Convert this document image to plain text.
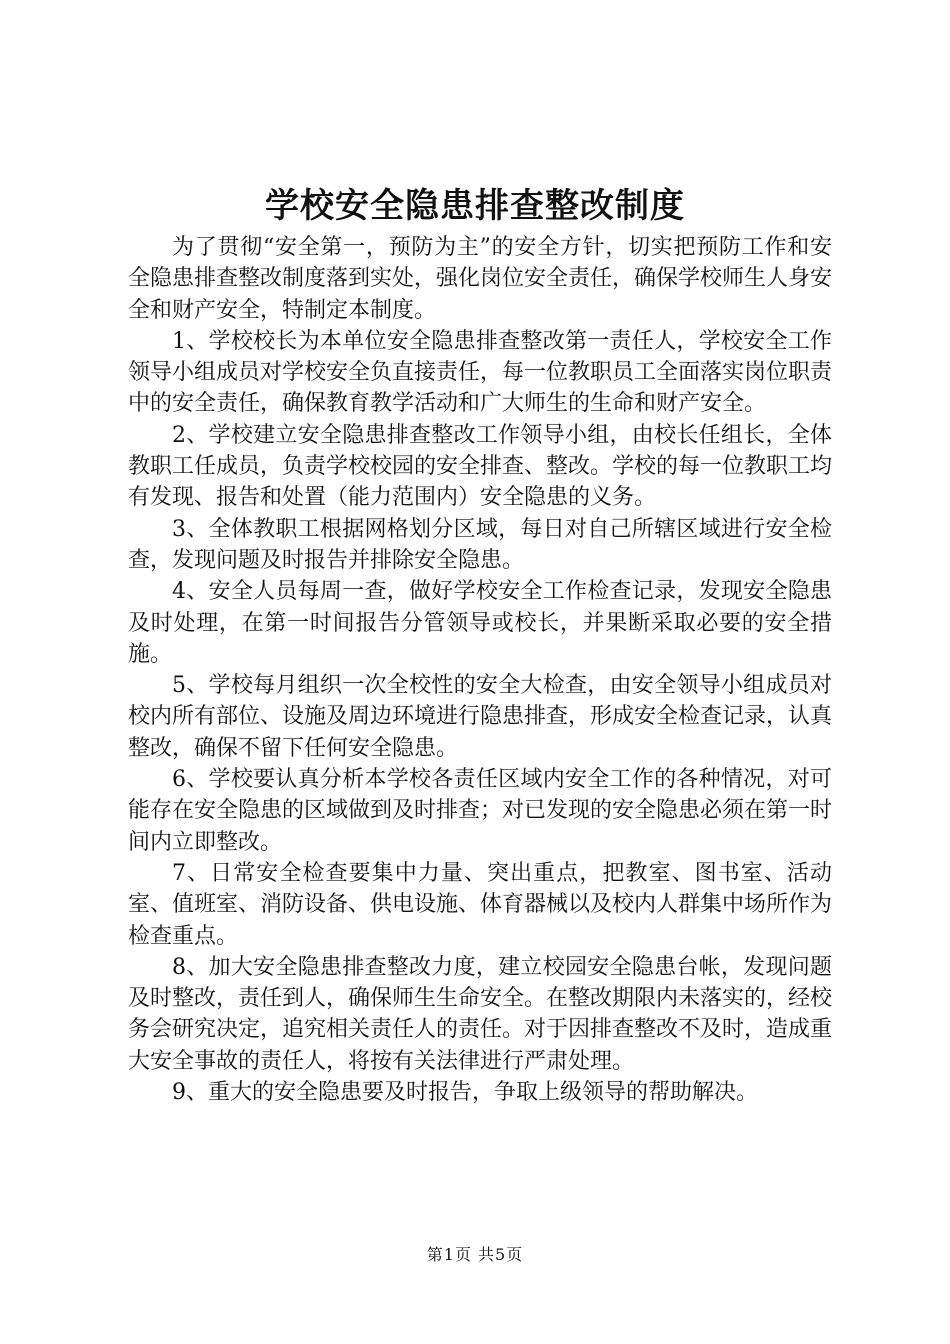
学校安全隐患排查整改制度

为了贯彻“安全第一，预防为主”的安全方针，切实把预防工作和安全隐患排查整改制度落到实处，强化岗位安全责任，确保学校师生人身安全和财产安全，特制定本制度。

1、学校校长为本单位安全隐患排查整改第一责任人，学校安全工作领导小组成员对学校安全负直接责任，每一位教职员工全面落实岗位职责中的安全责任，确保教育教学活动和广大师生的生命和财产安全。

2、学校建立安全隐患排查整改工作领导小组，由校长任组长，全体教职工任成员，负责学校校园的安全排查、整改。学校的每一位教职工均有发现、报告和处置（能力范围内）安全隐患的义务。

3、全体教职工根据网格划分区域，每日对自己所辖区域进行安全检查，发现问题及时报告并排除安全隐患。

4、安全人员每周一查，做好学校安全工作检查记录，发现安全隐患及时处理，在第一时间报告分管领导或校长，并果断采取必要的安全措施。

5、学校每月组织一次全校性的安全大检查，由安全领导小组成员对校内所有部位、设施及周边环境进行隐患排查，形成安全检查记录，认真整改，确保不留下任何安全隐患。

6、学校要认真分析本学校各责任区域内安全工作的各种情况，对可能存在安全隐患的区域做到及时排查；对已发现的安全隐患必须在第一时间内立即整改。

7、日常安全检查要集中力量、突出重点，把教室、图书室、活动室、值班室、消防设备、供电设施、体育器械以及校内人群集中场所作为检查重点。

8、加大安全隐患排查整改力度，建立校园安全隐患台帐，发现问题及时整改，责任到人，确保师生生命安全。在整改期限内未落实的，经校务会研究决定，追究相关责任人的责任。对于因排查整改不及时，造成重大安全事故的责任人，将按有关法律进行严肃处理。

9、重大的安全隐患要及时报告，争取上级领导的帮助解决。

第1页 共5页
